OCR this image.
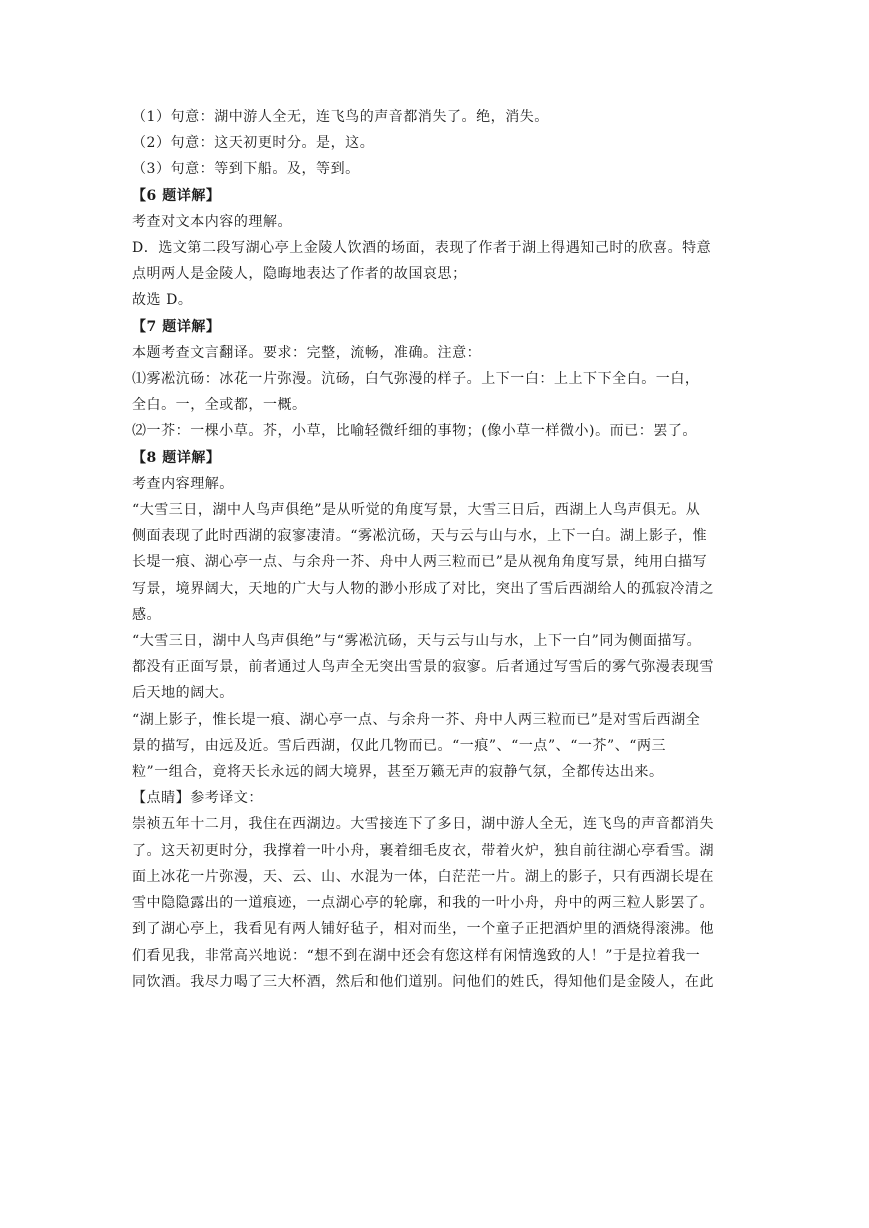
（1）句意：湖中游人全无，连飞鸟的声音都消失了。绝，消失。
（2）句意：这天初更时分。是，这。
（3）句意：等到下船。及，等到。
【6 题详解】
考查对文本内容的理解。
D．选文第二段写湖心亭上金陵人饮酒的场面，表现了作者于湖上得遇知己时的欣喜。特意
点明两人是金陵人，隐晦地表达了作者的故国哀思；
故选 D。
【7 题详解】
本题考查文言翻译。要求：完整，流畅，准确。注意：
⑴雾凇沆砀：冰花一片弥漫。沆砀，白气弥漫的样子。上下一白：上上下下全白。一白，
全白。一，全或都，一概。
⑵一芥：一棵小草。芥，小草，比喻轻微纤细的事物；(像小草一样微小)。而已：罢了。
【8 题详解】
考查内容理解。
“大雪三日，湖中人鸟声俱绝”是从听觉的角度写景，大雪三日后，西湖上人鸟声俱无。从
侧面表现了此时西湖的寂寥凄清。“雾凇沆砀，天与云与山与水，上下一白。湖上影子，惟
长堤一痕、湖心亭一点、与余舟一芥、舟中人两三粒而已”是从视角角度写景，纯用白描写
写景，境界阔大，天地的广大与人物的渺小形成了对比，突出了雪后西湖给人的孤寂冷清之
感。
“大雪三日，湖中人鸟声俱绝”与“雾凇沆砀，天与云与山与水，上下一白”同为侧面描写。
都没有正面写景，前者通过人鸟声全无突出雪景的寂寥。后者通过写雪后的雾气弥漫表现雪
后天地的阔大。
“湖上影子，惟长堤一痕、湖心亭一点、与余舟一芥、舟中人两三粒而已”是对雪后西湖全
景的描写，由远及近。雪后西湖，仅此几物而已。“一痕”、“一点”、“一芥”、“两三
粒”一组合，竟将天长永远的阔大境界，甚至万籁无声的寂静气氛，全都传达出来。
【点睛】参考译文：
崇祯五年十二月，我住在西湖边。大雪接连下了多日，湖中游人全无，连飞鸟的声音都消失
了。这天初更时分，我撑着一叶小舟，裹着细毛皮衣，带着火炉，独自前往湖心亭看雪。湖
面上冰花一片弥漫，天、云、山、水混为一体，白茫茫一片。湖上的影子，只有西湖长堤在
雪中隐隐露出的一道痕迹，一点湖心亭的轮廓，和我的一叶小舟，舟中的两三粒人影罢了。
到了湖心亭上，我看见有两人铺好毡子，相对而坐，一个童子正把酒炉里的酒烧得滚沸。他
们看见我，非常高兴地说：“想不到在湖中还会有您这样有闲情逸致的人！”于是拉着我一
同饮酒。我尽力喝了三大杯酒，然后和他们道别。问他们的姓氏，得知他们是金陵人，在此
